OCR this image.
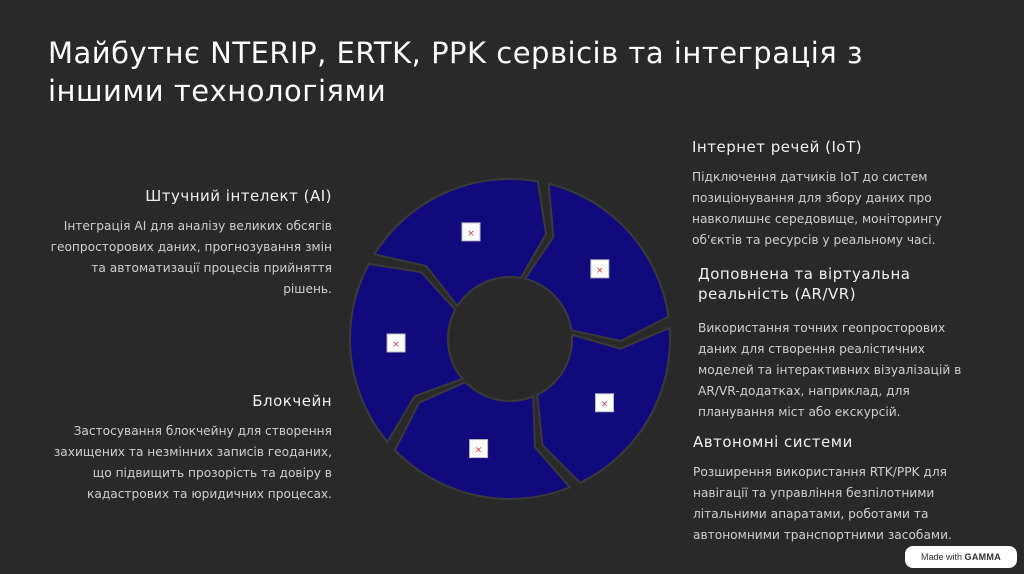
Майбутнє NTERIP, ERTK, PPK сервісів та інтеграція з іншими технологіями
Штучний інтелект (AI)

Інтеграція AI для аналізу великих обсягів геопросторових даних, прогнозування змін та автоматизації процесів прийняття рішень.

Блокчейн

Застосування блокчейну для створення захищених та незмінних записів геоданих, що підвищить прозорість та довіру в кадастрових та юридичних процесах.

Інтернет речей (IoT)

Підключення датчиків IoT до систем позиціонування для збору даних про навколишнє середовище, моніторингу об'єктів та ресурсів у реальному часі.

Доповнена та віртуальна реальність (AR/VR)

Використання точних геопросторових даних для створення реалістичних моделей та інтерактивних візуалізацій в AR/VR-додатках, наприклад, для планування міст або екскурсій.

Автономні системи

Розширення використання RTK/PPK для навігації та управління безпілотними літальними апаратами, роботами та автономними транспортними засобами.

×
×
×
×
×
Made with GAMMA
